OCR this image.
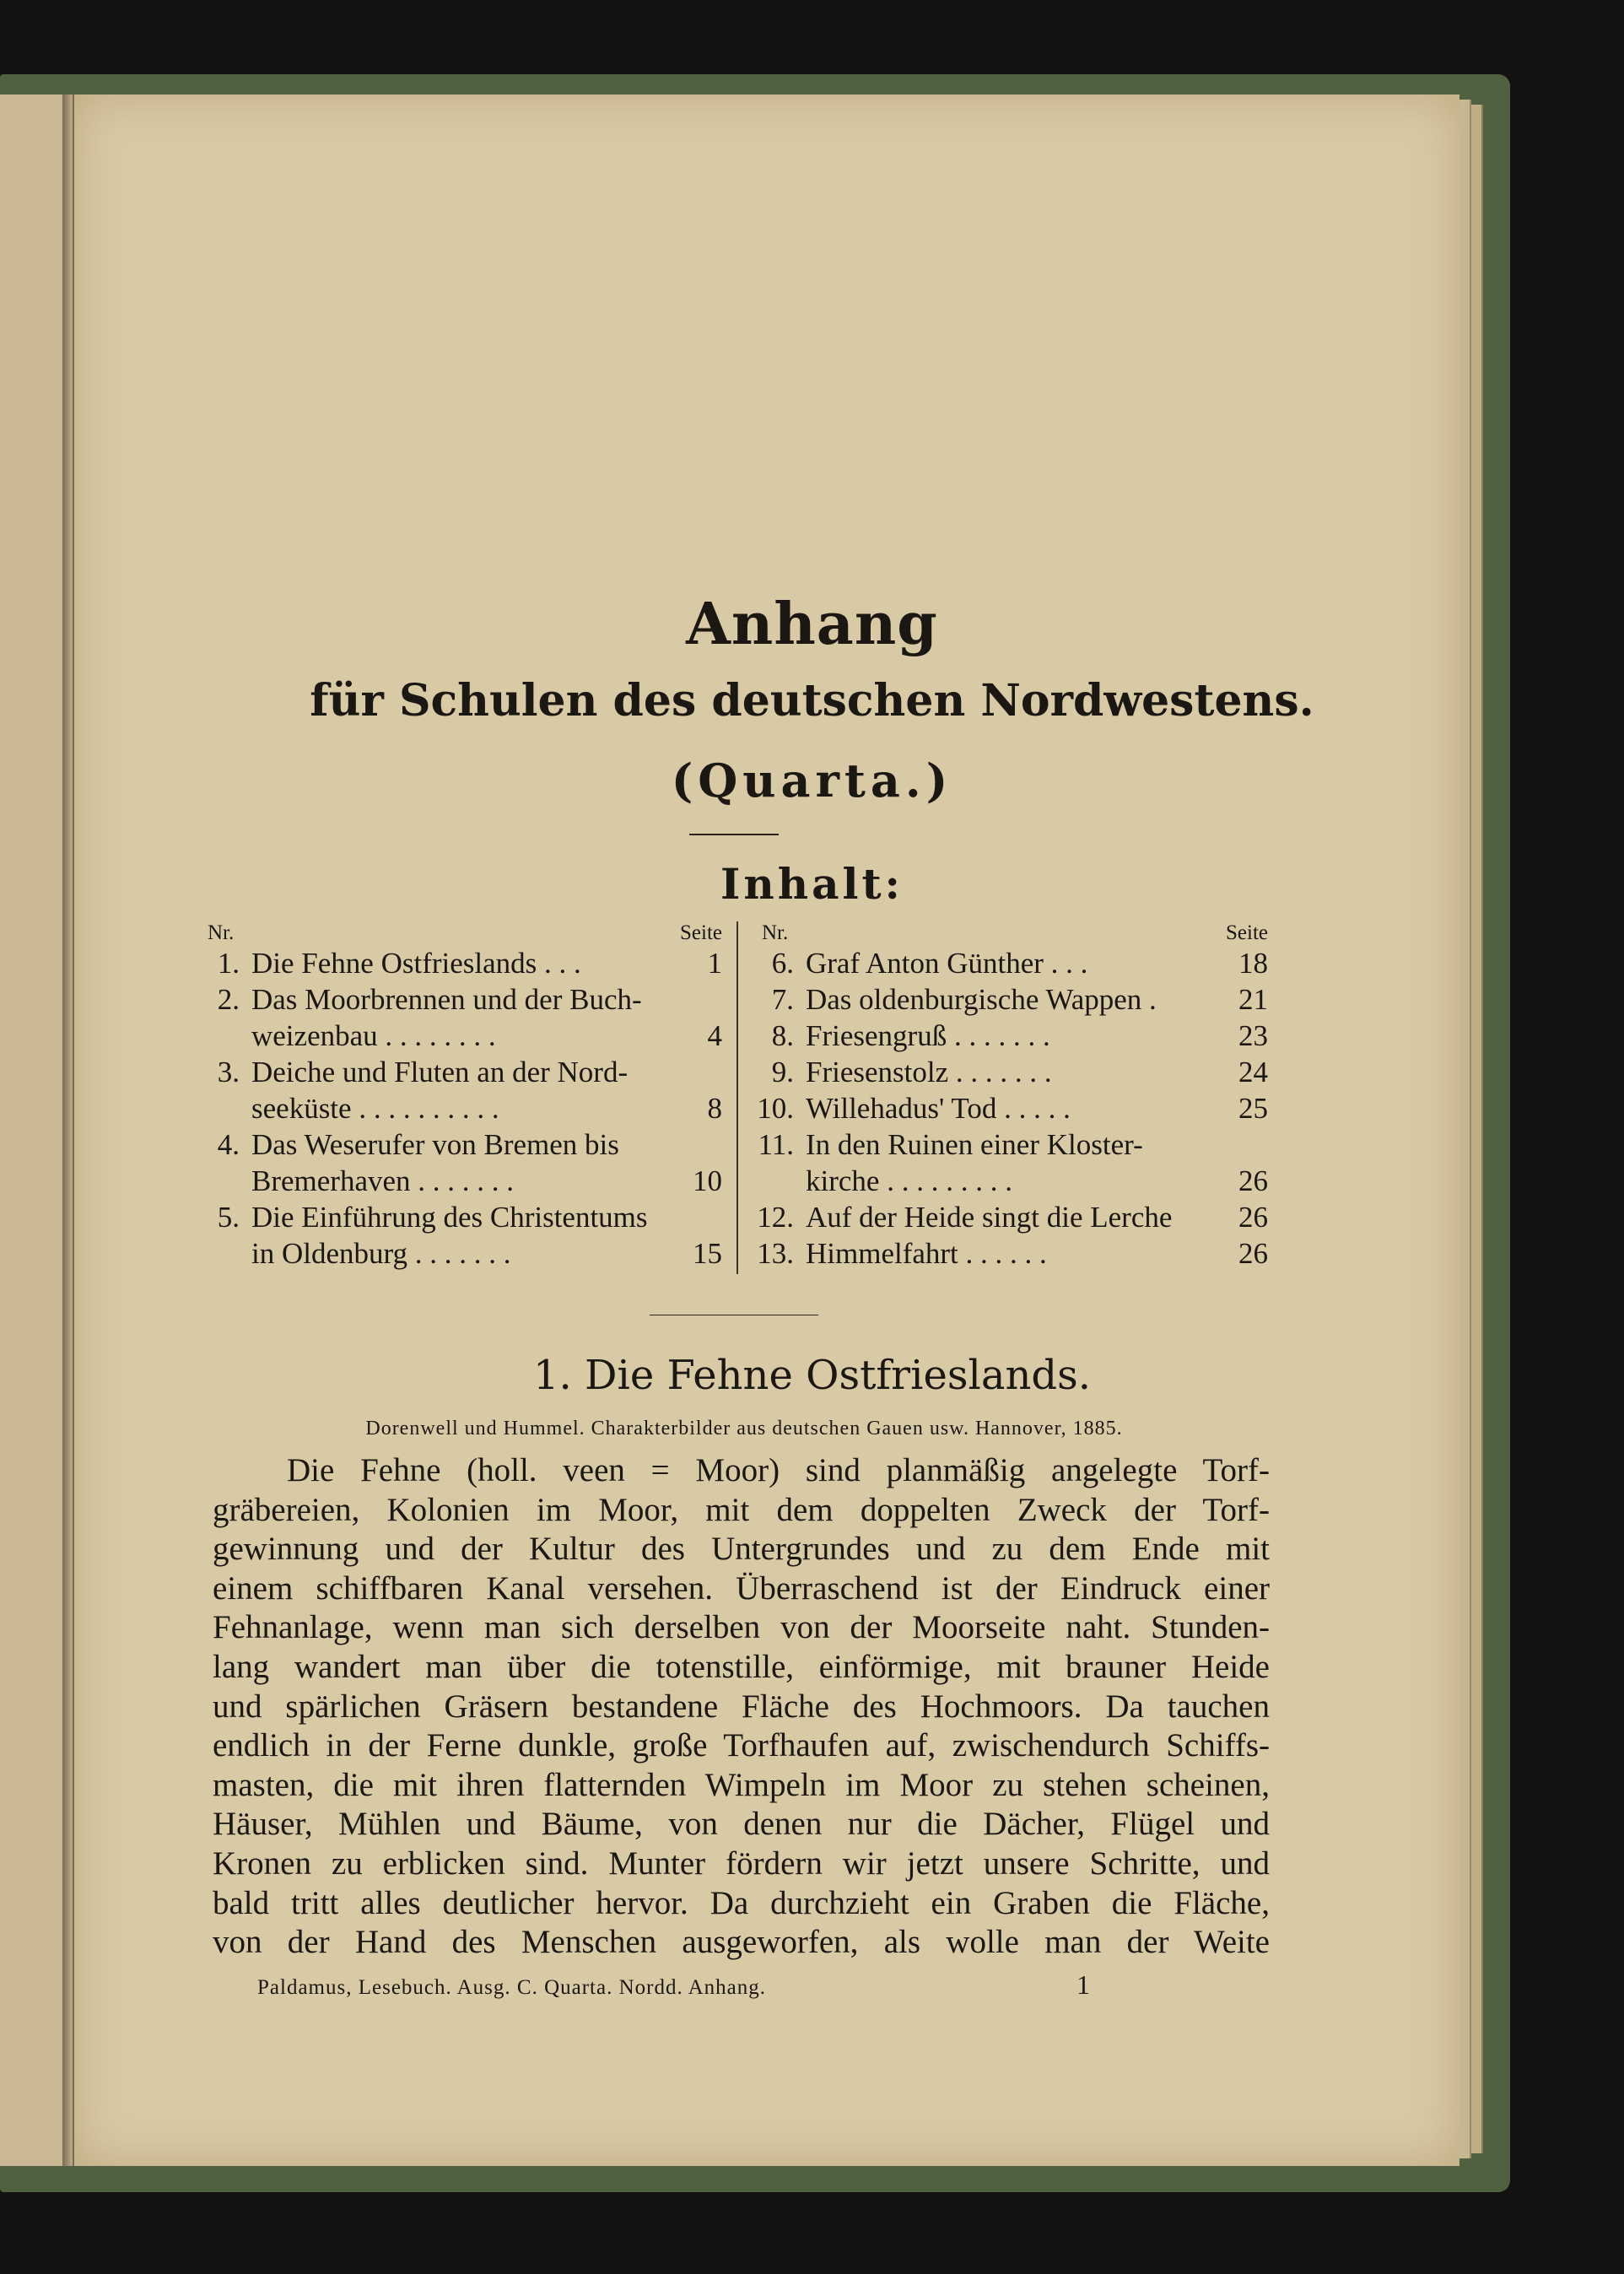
Anhang
für Schulen des deutschen Nordwestens.
(Quarta.)
Inhalt:
Nr.	Seite
1. Die Fehne Ostfrieslands . . .	1
2. Das Moorbrennen und der Buch-
weizenbau . . . . . . . .	4
3. Deiche und Fluten an der Nord-
seeküste . . . . . . . . . .	8
4. Das Weserufer von Bremen bis
Bremerhaven . . . . . . .	10
5. Die Einführung des Christentums
in Oldenburg . . . . . . .	15
Nr.	Seite
6. Graf Anton Günther . . .	18
7. Das oldenburgische Wappen .	21
8. Friesengruß . . . . . . .	23
9. Friesenstolz . . . . . . .	24
10. Willehadus' Tod . . . . .	25
11. In den Ruinen einer Kloster-
kirche . . . . . . . . .	26
12. Auf der Heide singt die Lerche 26
13. Himmelfahrt . . . . . .	26
1. Die Fehne Ostfrieslands.
Dorenwell und Hummel. Charakterbilder aus deutschen Gauen usw. Hannover, 1885.
Die Fehne (holl. veen = Moor) sind planmäßig angelegte Torf-
gräbereien, Kolonien im Moor, mit dem doppelten Zweck der Torf-
gewinnung und der Kultur des Untergrundes und zu dem Ende mit
einem schiffbaren Kanal versehen. Überraschend ist der Eindruck einer
Fehnanlage, wenn man sich derselben von der Moorseite naht. Stunden-
lang wandert man über die totenstille, einförmige, mit brauner Heide
und spärlichen Gräsern bestandene Fläche des Hochmoors. Da tauchen
endlich in der Ferne dunkle, große Torfhaufen auf, zwischendurch Schiffs-
masten, die mit ihren flatternden Wimpeln im Moor zu stehen scheinen,
Häuser, Mühlen und Bäume, von denen nur die Dächer, Flügel und
Kronen zu erblicken sind. Munter fördern wir jetzt unsere Schritte, und
bald tritt alles deutlicher hervor. Da durchzieht ein Graben die Fläche,
von der Hand des Menschen ausgeworfen, als wolle man der Weite
Paldamus, Lesebuch. Ausg. C. Quarta. Nordd. Anhang.	1
